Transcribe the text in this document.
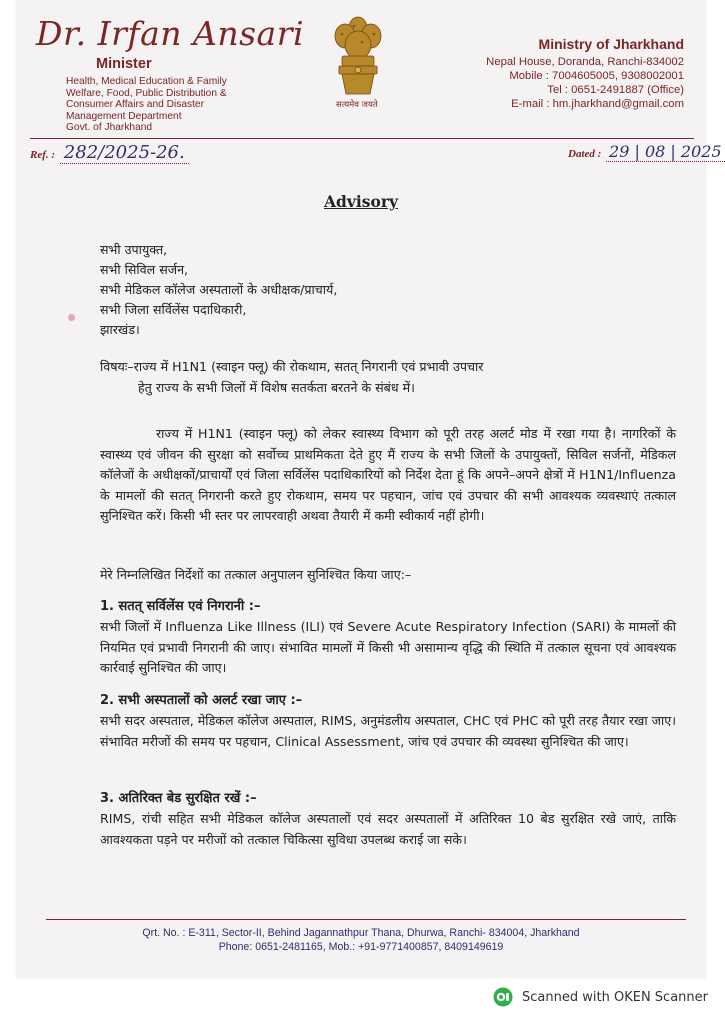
Dr. Irfan Ansari
Minister
Health, Medical Education & Family
Welfare, Food, Public Distribution &
Consumer Affairs and Disaster
Management Department
Govt. of Jharkhand
सत्यमेव जयते
Ministry of Jharkhand
Nepal House, Doranda, Ranchi-834002
Mobile : 7004605005, 9308002001
Tel : 0651-2491887 (Office)
E-mail : hm.jharkhand@gmail.com
Ref. : 282/2025-26.	Dated : 29 | 08 | 2025
Advisory
सभी उपायुक्त,
सभी सिविल सर्जन,
सभी मेडिकल कॉलेज अस्पतालों के अधीक्षक/प्राचार्य,
सभी जिला सर्विलेंस पदाधिकारी,
झारखंड।
विषयः–राज्य में H1N1 (स्वाइन फ्लू) की रोकथाम, सतत् निगरानी एवं प्रभावी उपचार
हेतु राज्य के सभी जिलों में विशेष सतर्कता बरतने के संबंध में।
राज्य में H1N1 (स्वाइन फ्लू) को लेकर स्वास्थ्य विभाग को पूरी तरह अलर्ट मोड में रखा गया है। नागरिकों के स्वास्थ्य एवं जीवन की सुरक्षा को सर्वोच्च प्राथमिकता देते हुए मैं राज्य के सभी जिलों के उपायुक्तों, सिविल सर्जनों, मेडिकल कॉलेजों के अधीक्षकों/प्राचार्यों एवं जिला सर्विलेंस पदाधिकारियों को निर्देश देता हूं कि अपने–अपने क्षेत्रों में H1N1/Influenza के मामलों की सतत् निगरानी करते हुए रोकथाम, समय पर पहचान, जांच एवं उपचार की सभी आवश्यक व्यवस्थाएं तत्काल सुनिश्चित करें। किसी भी स्तर पर लापरवाही अथवा तैयारी में कमी स्वीकार्य नहीं होगी।
मेरे निम्नलिखित निर्देशों का तत्काल अनुपालन सुनिश्चित किया जाए:–
1. सतत् सर्विलेंस एवं निगरानी :–
सभी जिलों में Influenza Like Illness (ILI) एवं Severe Acute Respiratory Infection (SARI) के मामलों की नियमित एवं प्रभावी निगरानी की जाए। संभावित मामलों में किसी भी असामान्य वृद्धि की स्थिति में तत्काल सूचना एवं आवश्यक कार्रवाई सुनिश्चित की जाए।
2. सभी अस्पतालों को अलर्ट रखा जाए :–
सभी सदर अस्पताल, मेडिकल कॉलेज अस्पताल, RIMS, अनुमंडलीय अस्पताल, CHC एवं PHC को पूरी तरह तैयार रखा जाए। संभावित मरीजों की समय पर पहचान, Clinical Assessment, जांच एवं उपचार की व्यवस्था सुनिश्चित की जाए।
3. अतिरिक्त बेड सुरक्षित रखें :–
RIMS, रांची सहित सभी मेडिकल कॉलेज अस्पतालों एवं सदर अस्पतालों में अतिरिक्त 10 बेड सुरक्षित रखे जाएं, ताकि आवश्यकता पड़ने पर मरीजों को तत्काल चिकित्सा सुविधा उपलब्ध कराई जा सके।
Qrt. No. : E-311, Sector-II, Behind Jagannathpur Thana, Dhurwa, Ranchi- 834004, Jharkhand
Phone: 0651-2481165, Mob.: +91-9771400857, 8409149619
Scanned with OKEN Scanner
